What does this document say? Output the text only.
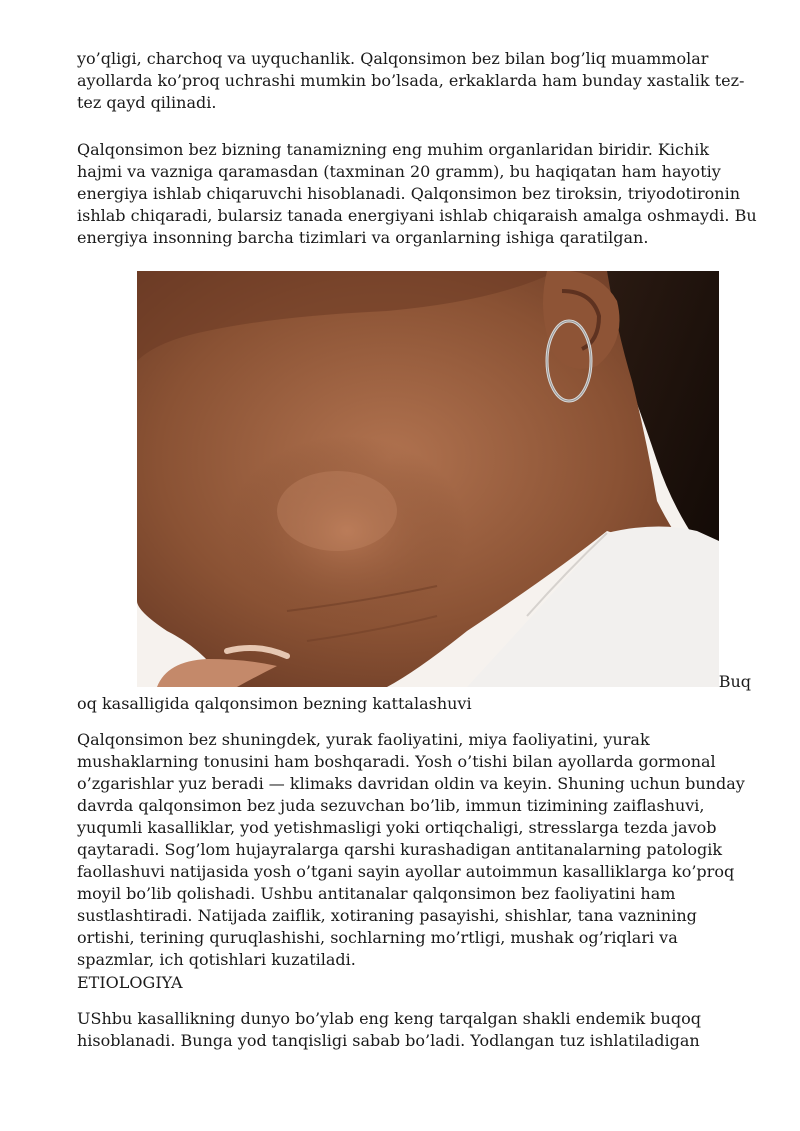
yo’qligi, charchoq va uyquchanlik. Qalqonsimon bez bilan bog’liq muammolar ayollarda ko’proq uchrashi mumkin bo’lsada, erkaklarda ham bunday xastalik tez-tez qayd qilinadi.

Qalqonsimon bez bizning tanamizning eng muhim organlaridan biridir. Kichik hajmi va vazniga qaramasdan (taxminan 20 gramm), bu haqiqatan ham hayotiy energiya ishlab chiqaruvchi hisoblanadi. Qalqonsimon bez tiroksin, triyodotironin ishlab chiqaradi, bularsiz tanada energiyani ishlab chiqaraish amalga oshmaydi. Bu energiya insonning barcha tizimlari va organlarning ishiga qaratilgan.

Buq

oq kasalligida qalqonsimon bezning kattalashuvi

Qalqonsimon bez shuningdek, yurak faoliyatini, miya faoliyatini, yurak mushaklarning tonusini ham boshqaradi. Yosh o’tishi bilan ayollarda gormonal o’zgarishlar yuz beradi — klimaks davridan oldin va keyin. Shuning uchun bunday davrda qalqonsimon bez juda sezuvchan bo’lib, immun tizimining zaiflashuvi, yuqumli kasalliklar, yod yetishmasligi yoki ortiqchaligi, stresslarga tezda javob qaytaradi. Sog’lom hujayralarga qarshi kurashadigan antitanalarning patologik faollashuvi natijasida yosh o’tgani sayin ayollar autoimmun kasalliklarga ko’proq moyil bo’lib qolishadi. Ushbu antitanalar qalqonsimon bez faoliyatini ham sustlashtiradi. Natijada zaiflik, xotiraning pasayishi, shishlar, tana vaznining ortishi, terining quruqlashishi, sochlarning mo’rtligi, mushak og’riqlari va spazmlar, ich qotishlari kuzatiladi.

ETIOLOGIYA

UShbu kasallikning dunyo bo’ylab eng keng tarqalgan shakli endemik buqoq hisoblanadi. Bunga yod tanqisligi sabab bo’ladi. Yodlangan tuz ishlatiladigan
